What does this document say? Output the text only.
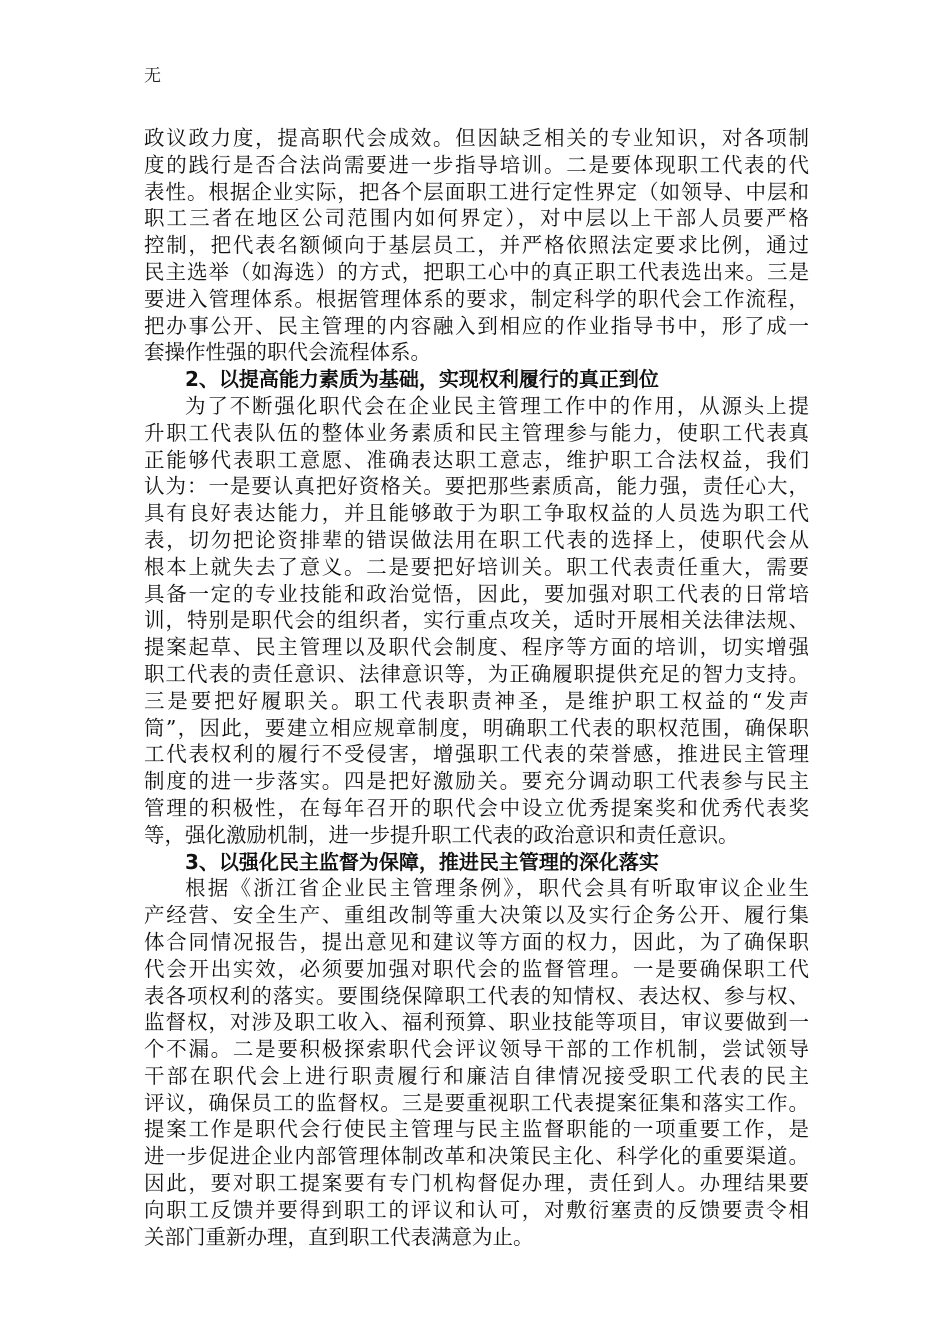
无
政议政力度，提高职代会成效。但因缺乏相关的专业知识，对各项制
度的践行是否合法尚需要进一步指导培训。二是要体现职工代表的代
表性。根据企业实际，把各个层面职工进行定性界定（如领导、中层和
职工三者在地区公司范围内如何界定），对中层以上干部人员要严格
控制，把代表名额倾向于基层员工，并严格依照法定要求比例，通过
民主选举（如海选）的方式，把职工心中的真正职工代表选出来。三是
要进入管理体系。根据管理体系的要求，制定科学的职代会工作流程，
把办事公开、民主管理的内容融入到相应的作业指导书中，形了成一
套操作性强的职代会流程体系。
2、以提高能力素质为基础，实现权利履行的真正到位
为了不断强化职代会在企业民主管理工作中的作用，从源头上提
升职工代表队伍的整体业务素质和民主管理参与能力，使职工代表真
正能够代表职工意愿、准确表达职工意志，维护职工合法权益，我们
认为：一是要认真把好资格关。要把那些素质高，能力强，责任心大，
具有良好表达能力，并且能够敢于为职工争取权益的人员选为职工代
表，切勿把论资排辈的错误做法用在职工代表的选择上，使职代会从
根本上就失去了意义。二是要把好培训关。职工代表责任重大，需要
具备一定的专业技能和政治觉悟，因此，要加强对职工代表的日常培
训，特别是职代会的组织者，实行重点攻关，适时开展相关法律法规、
提案起草、民主管理以及职代会制度、程序等方面的培训，切实增强
职工代表的责任意识、法律意识等，为正确履职提供充足的智力支持。
三是要把好履职关。职工代表职责神圣，是维护职工权益的“发声
筒”，因此，要建立相应规章制度，明确职工代表的职权范围，确保职
工代表权利的履行不受侵害，增强职工代表的荣誉感，推进民主管理
制度的进一步落实。四是把好激励关。要充分调动职工代表参与民主
管理的积极性，在每年召开的职代会中设立优秀提案奖和优秀代表奖
等，强化激励机制，进一步提升职工代表的政治意识和责任意识。
3、以强化民主监督为保障，推进民主管理的深化落实
根据《浙江省企业民主管理条例》，职代会具有听取审议企业生
产经营、安全生产、重组改制等重大决策以及实行企务公开、履行集
体合同情况报告，提出意见和建议等方面的权力，因此，为了确保职
代会开出实效，必须要加强对职代会的监督管理。一是要确保职工代
表各项权利的落实。要围绕保障职工代表的知情权、表达权、参与权、
监督权，对涉及职工收入、福利预算、职业技能等项目，审议要做到一
个不漏。二是要积极探索职代会评议领导干部的工作机制，尝试领导
干部在职代会上进行职责履行和廉洁自律情况接受职工代表的民主
评议，确保员工的监督权。三是要重视职工代表提案征集和落实工作。
提案工作是职代会行使民主管理与民主监督职能的一项重要工作，是
进一步促进企业内部管理体制改革和决策民主化、科学化的重要渠道。
因此，要对职工提案要有专门机构督促办理，责任到人。办理结果要
向职工反馈并要得到职工的评议和认可，对敷衍塞责的反馈要责令相
关部门重新办理，直到职工代表满意为止。
